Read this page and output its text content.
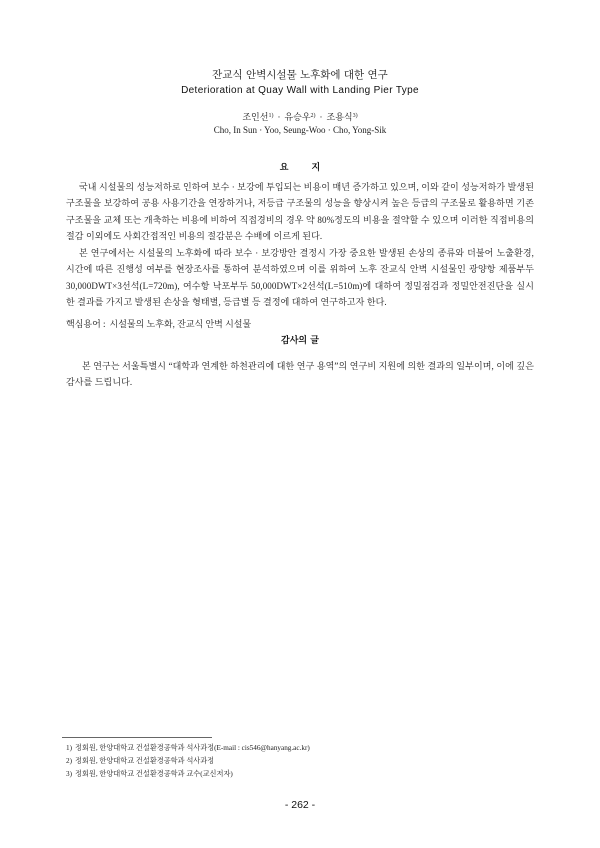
잔교식 안벽시설물 노후화에 대한 연구
Deterioration at Quay Wall with Landing Pier Type
조인선$^{1)}$ · 유승우$^{2)}$ · 조용식$^{3)}$
Cho, In Sun · Yoo, Seung-Woo · Cho, Yong-Sik
요 지

국내 시설물의 성능저하로 인하여 보수 · 보강에 투입되는 비용이 매년 증가하고 있으며, 이와 같이 성능저하가 발생된 구조물을 보강하여 공용 사용기간을 연장하거나, 저등급 구조물의 성능을 향상시켜 높은 등급의 구조물로 활용하면 기존 구조물을 교체 또는 개축하는 비용에 비하여 직접경비의 경우 약 80%정도의 비용을 절약할 수 있으며 이러한 직접비용의 절감 이외에도 사회간접적인 비용의 절감분은 수배에 이르게 된다.

본 연구에서는 시설물의 노후화에 따라 보수 · 보강방안 결정시 가장 중요한 발생된 손상의 종류와 더불어 노출환경, 시간에 따른 진행성 여부를 현장조사를 통하여 분석하였으며 이를 위하여 노후 잔교식 안벽 시설물인 광양항 제품부두 30,000DWT×3선석(L=720m), 여수항 낙포부두 50,000DWT×2선석(L=510m)에 대하여 정밀점검과 정밀안전진단을 실시한 결과를 가지고 발생된 손상을 형태별, 등급별 등 결정에 대하여 연구하고자 한다.

핵심용어 : 시설물의 노후화, 잔교식 안벽 시설물
감사의 글

본 연구는 서울특별시 “대학과 연계한 하천관리에 대한 연구 용역”의 연구비 지원에 의한 결과의 일부이며, 이에 깊은 감사를 드립니다.

1) 정회원, 한양대학교 건설환경공학과 석사과정(E-mail : cis546@hanyang.ac.kr)
2) 정회원, 한양대학교 건설환경공학과 석사과정
3) 정회원, 한양대학교 건설환경공학과 교수(교신저자)
- 262 -
